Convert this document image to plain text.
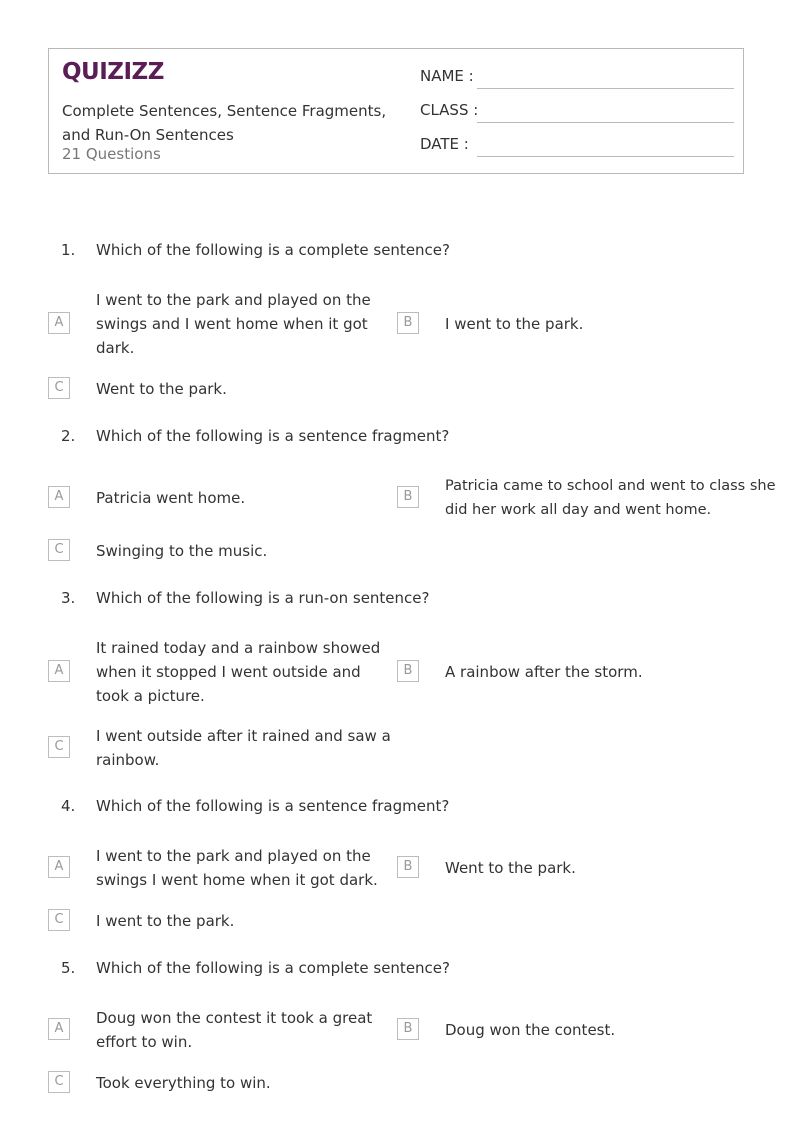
QUIZIZZ
Complete Sentences, Sentence Fragments, and Run-On Sentences
21 Questions
NAME :
CLASS :
DATE :
1. Which of the following is a complete sentence?
A
I went to the park and played on the swings and I went home when it got dark.
B	I went to the park.
C	Went to the park.
2. Which of the following is a sentence fragment?
A	Patricia went home.	B
Patricia came to school and went to class she did her work all day and went home.
C	Swinging to the music.
3. Which of the following is a run-on sentence?
A
It rained today and a rainbow showed when it stopped I went outside and took a picture.
B	A rainbow after the storm.
C
I went outside after it rained and saw a rainbow.
4. Which of the following is a sentence fragment?
A
I went to the park and played on the swings I went home when it got dark.
B	Went to the park.
C	I went to the park.
5. Which of the following is a complete sentence?
A
Doug won the contest it took a great effort to win.
B	Doug won the contest.
C	Took everything to win.
